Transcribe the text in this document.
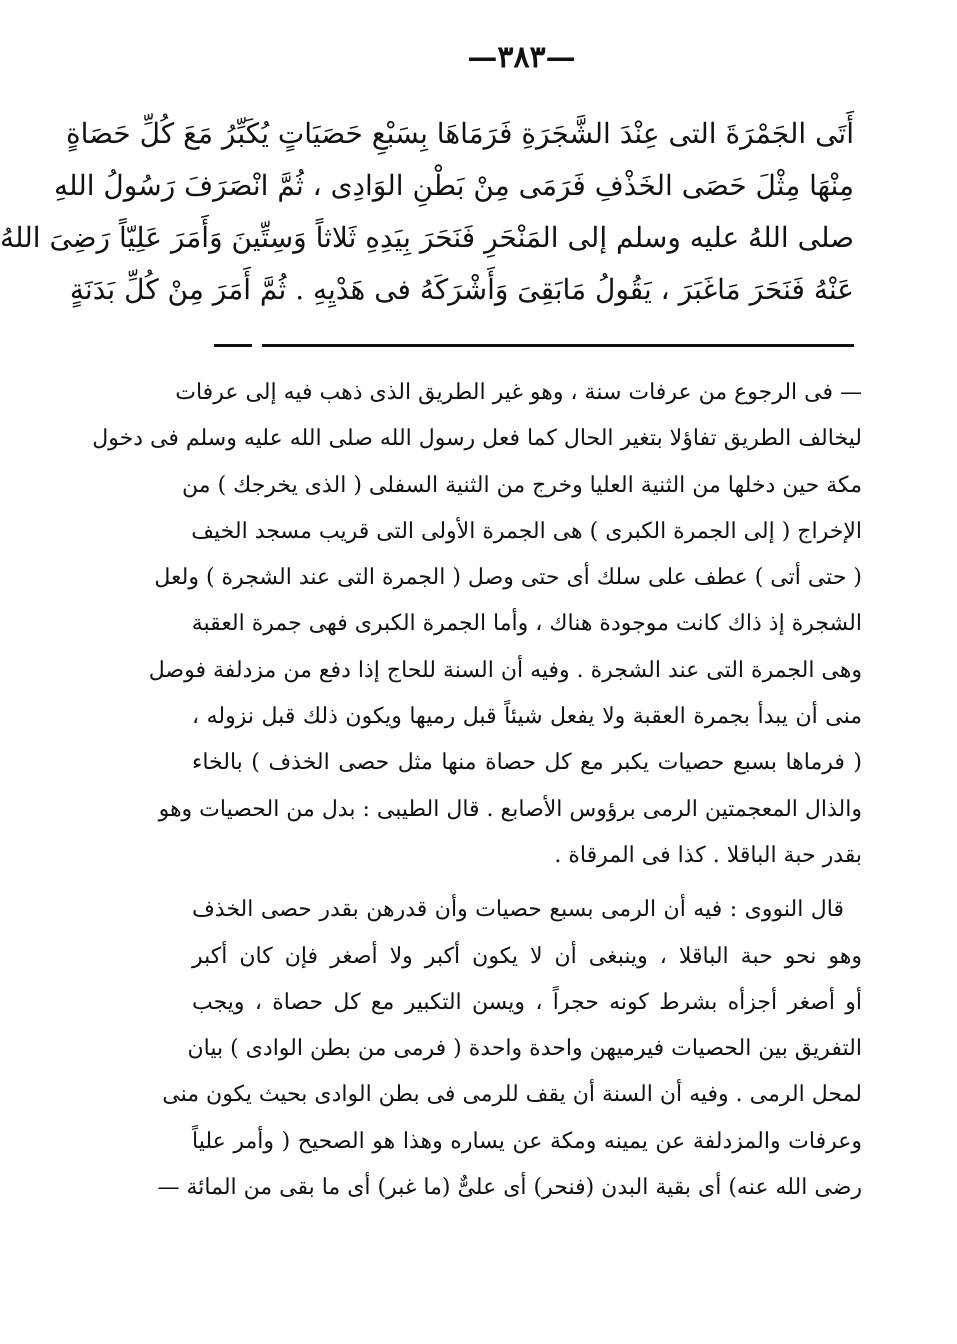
—٣٨٣—
أَتَى الجَمْرَةَ التى عِنْدَ الشَّجَرَةِ فَرَمَاهَا بِسَبْعِ حَصَيَاتٍ يُكَبِّرُ مَعَ كُلِّ حَصَاةٍ
مِنْهَا مِثْلَ حَصَى الخَذْفِ فَرَمَى مِنْ بَطْنِ الوَادِى ، ثُمَّ انْصَرَفَ رَسُولُ اللهِ
صلى اللهُ عليه وسلم إلى المَنْحَرِ فَنَحَرَ بِيَدِهِ ثَلاثاً وَسِتِّينَ وَأَمَرَ عَلِيّاً رَضِىَ اللهُ
عَنْهُ فَنَحَرَ مَاغَبَرَ ، يَقُولُ مَابَقِىَ وَأَشْرَكَهُ فى هَدْيِهِ . ثُمَّ أَمَرَ مِنْ كُلِّ بَدَنَةٍ
— فى الرجوع من عرفات سنة ، وهو غير الطريق الذى ذهب فيه إلى عرفات
ليخالف الطريق تفاؤلا بتغير الحال كما فعل رسول الله صلى الله عليه وسلم فى دخول
مكة حين دخلها من الثنية العليا وخرج من الثنية السفلى ( الذى يخرجك ) من
الإخراج ( إلى الجمرة الكبرى ) هى الجمرة الأولى التى قريب مسجد الخيف
( حتى أتى ) عطف على سلك أى حتى وصل ( الجمرة التى عند الشجرة ) ولعل
الشجرة إذ ذاك كانت موجودة هناك ، وأما الجمرة الكبرى فهى جمرة العقبة
وهى الجمرة التى عند الشجرة . وفيه أن السنة للحاج إذا دفع من مزدلفة فوصل
منى أن يبدأ بجمرة العقبة ولا يفعل شيئاً قبل رميها ويكون ذلك قبل نزوله ،
( فرماها بسبع حصيات يكبر مع كل حصاة منها مثل حصى الخذف ) بالخاء
والذال المعجمتين الرمى برؤوس الأصابع . قال الطيبى : بدل من الحصيات وهو
بقدر حبة الباقلا . كذا فى المرقاة .
قال النووى : فيه أن الرمى بسبع حصيات وأن قدرهن بقدر حصى الخذف
وهو نحو حبة الباقلا ، وينبغى أن لا يكون أكبر ولا أصغر فإن كان أكبر
أو أصغر أجزأه بشرط كونه حجراً ، ويسن التكبير مع كل حصاة ، ويجب
التفريق بين الحصيات فيرميهن واحدة واحدة ( فرمى من بطن الوادى ) بيان
لمحل الرمى . وفيه أن السنة أن يقف للرمى فى بطن الوادى بحيث يكون منى
وعرفات والمزدلفة عن يمينه ومكة عن يساره وهذا هو الصحيح ( وأمر علياً
رضى الله عنه) أى بقية البدن (فنحر) أى علىٌّ (ما غبر) أى ما بقى من المائة —
